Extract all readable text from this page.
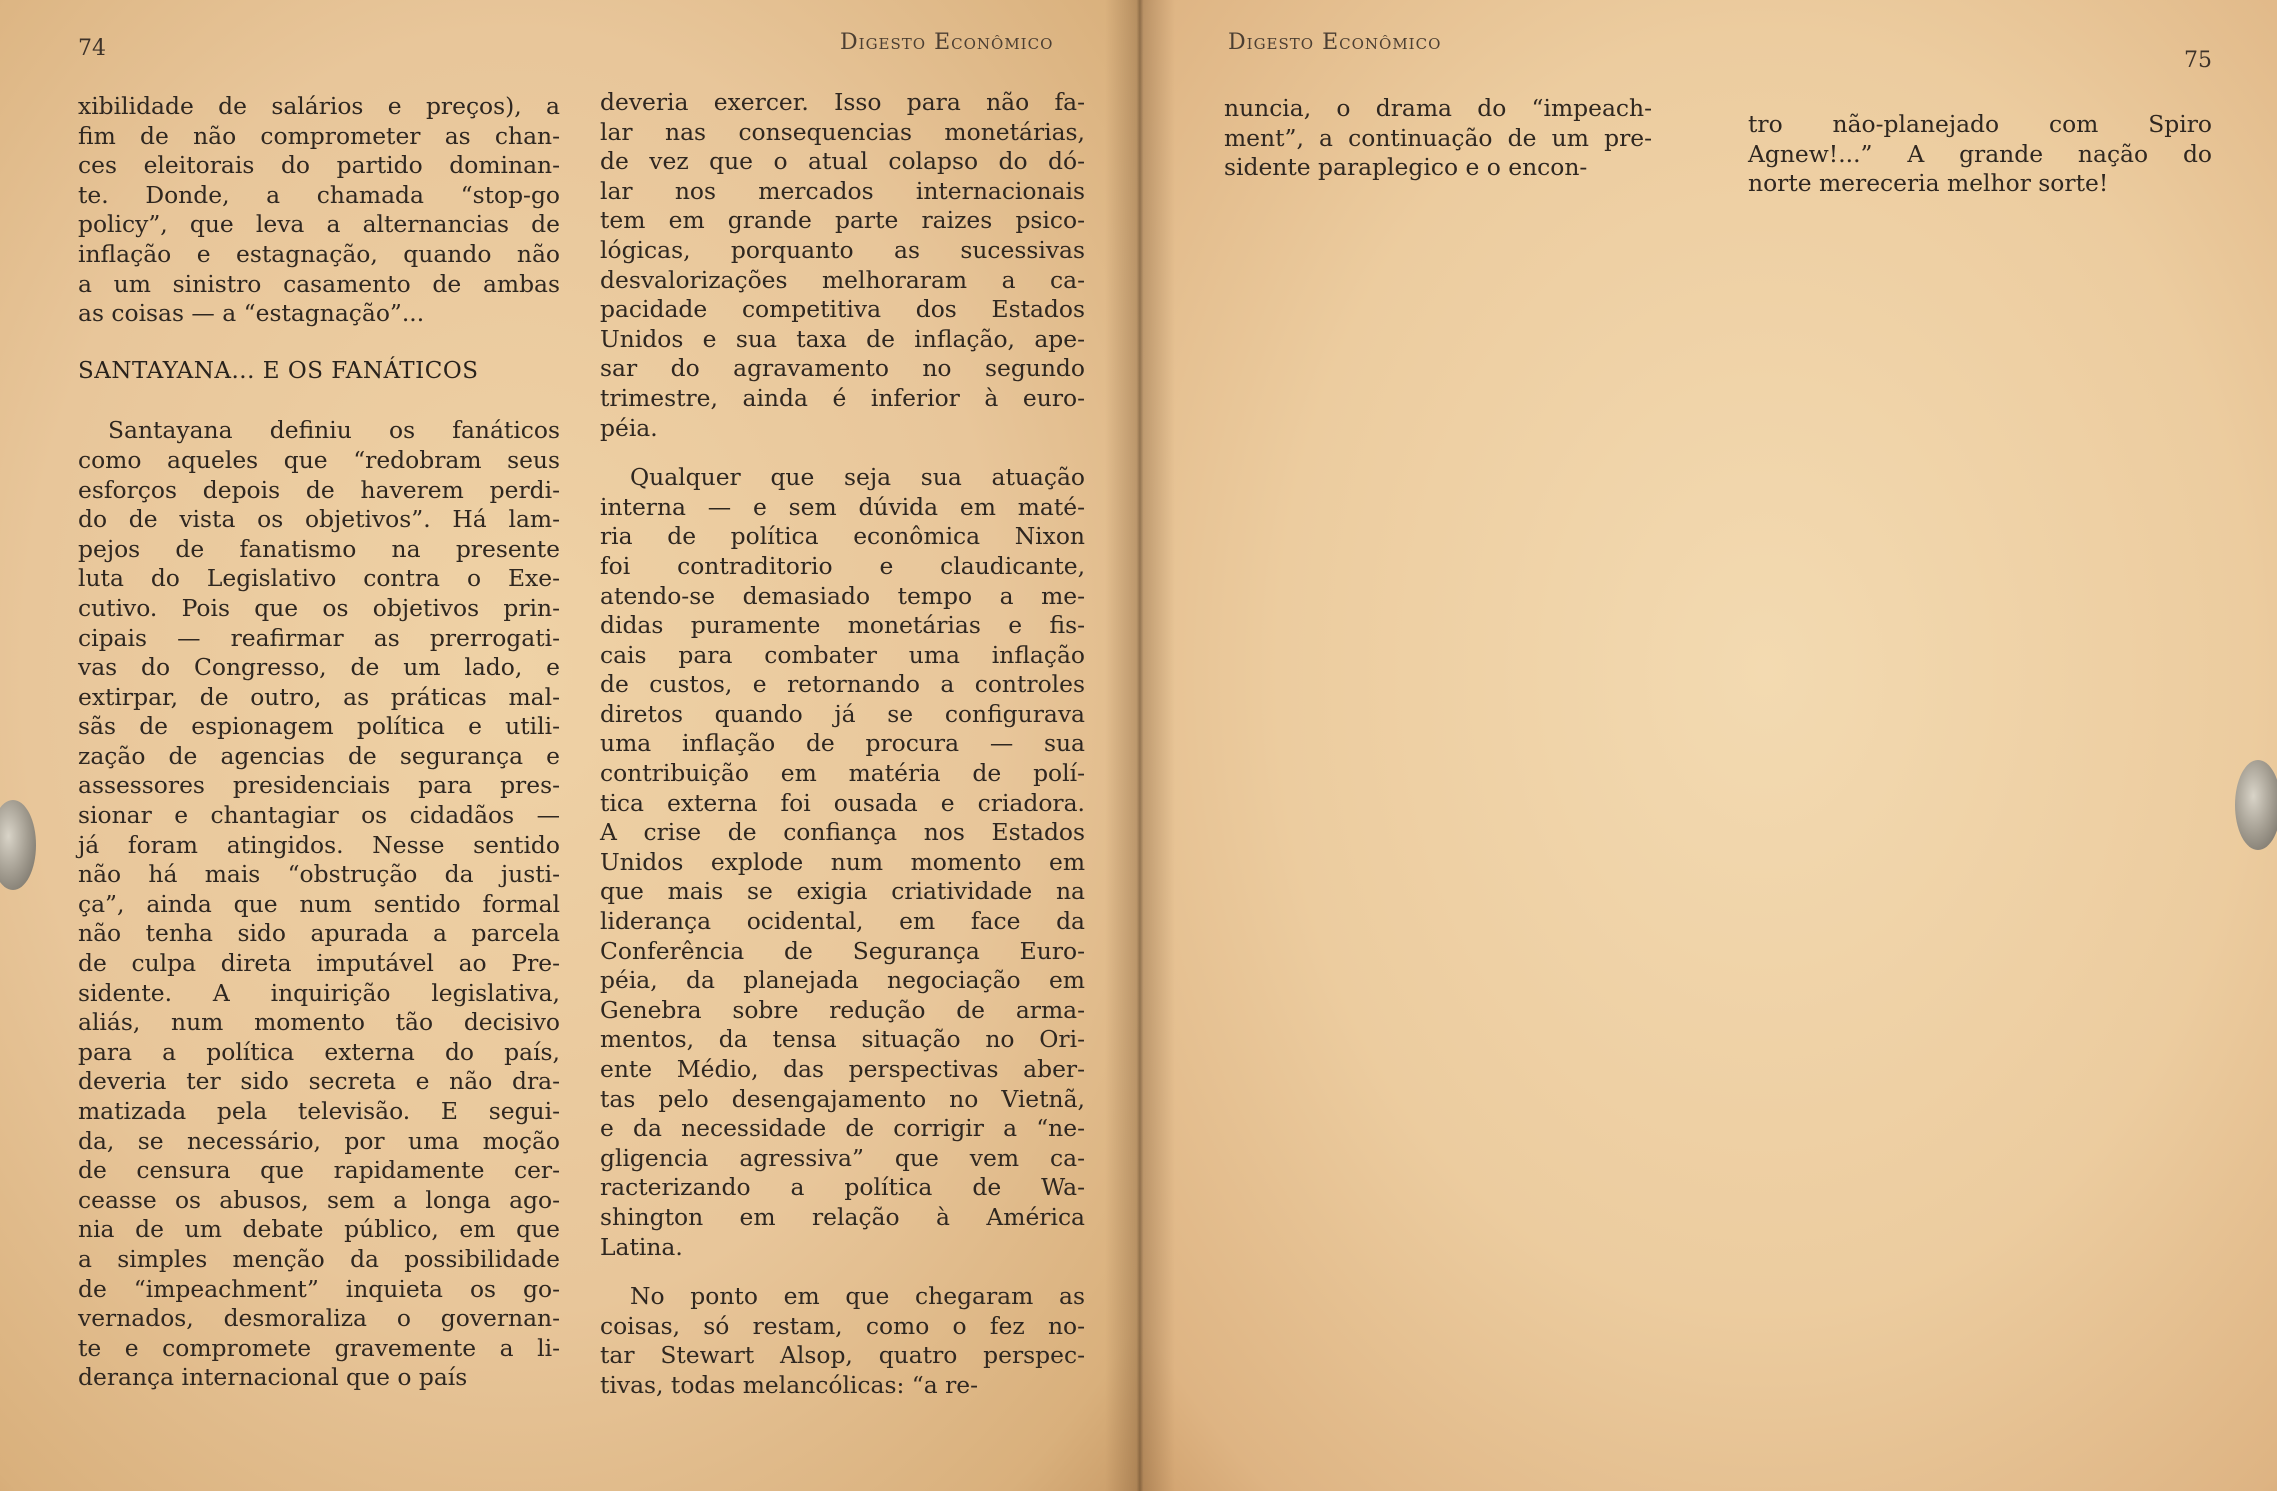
74	Digesto Econômico

xibilidade de salários e preços), a
fim de não comprometer as chan-
ces eleitorais do partido dominan-
te. Donde, a chamada “stop-go
policy”, que leva a alternancias de
inflação e estagnação, quando não
a um sinistro casamento de ambas
as coisas — a “estagnação”...

SANTAYANA... E OS FANÁTICOS

Santayana definiu os fanáticos
como aqueles que “redobram seus
esforços depois de haverem perdi-
do de vista os objetivos”. Há lam-
pejos de fanatismo na presente
luta do Legislativo contra o Exe-
cutivo. Pois que os objetivos prin-
cipais — reafirmar as prerrogati-
vas do Congresso, de um lado, e
extirpar, de outro, as práticas mal-
sãs de espionagem política e utili-
zação de agencias de segurança e
assessores presidenciais para pres-
sionar e chantagiar os cidadãos —
já foram atingidos. Nesse sentido
não há mais “obstrução da justi-
ça”, ainda que num sentido formal
não tenha sido apurada a parcela
de culpa direta imputável ao Pre-
sidente. A inquirição legislativa,
aliás, num momento tão decisivo
para a política externa do país,
deveria ter sido secreta e não dra-
matizada pela televisão. E segui-
da, se necessário, por uma moção
de censura que rapidamente cer-
ceasse os abusos, sem a longa ago-
nia de um debate público, em que
a simples menção da possibilidade
de “impeachment” inquieta os go-
vernados, desmoraliza o governan-
te e compromete gravemente a li-
derança internacional que o país

deveria exercer. Isso para não fa-
lar nas consequencias monetárias,
de vez que o atual colapso do dó-
lar nos mercados internacionais
tem em grande parte raizes psico-
lógicas, porquanto as sucessivas
desvalorizações melhoraram a ca-
pacidade competitiva dos Estados
Unidos e sua taxa de inflação, ape-
sar do agravamento no segundo
trimestre, ainda é inferior à euro-
péia.

Qualquer que seja sua atuação
interna — e sem dúvida em maté-
ria de política econômica Nixon
foi contraditorio e claudicante,
atendo-se demasiado tempo a me-
didas puramente monetárias e fis-
cais para combater uma inflação
de custos, e retornando a controles
diretos quando já se configurava
uma inflação de procura — sua
contribuição em matéria de polí-
tica externa foi ousada e criadora.
A crise de confiança nos Estados
Unidos explode num momento em
que mais se exigia criatividade na
liderança ocidental, em face da
Conferência de Segurança Euro-
péia, da planejada negociação em
Genebra sobre redução de arma-
mentos, da tensa situação no Ori-
ente Médio, das perspectivas aber-
tas pelo desengajamento no Vietnã,
e da necessidade de corrigir a “ne-
gligencia agressiva” que vem ca-
racterizando a política de Wa-
shington em relação à América
Latina.

No ponto em que chegaram as
coisas, só restam, como o fez no-
tar Stewart Alsop, quatro perspec-
tivas, todas melancólicas: “a re-

Digesto Econômico
75

nuncia, o drama do “impeach-
ment”, a continuação de um pre-
sidente paraplegico e o encon-

tro não-planejado com Spiro
Agnew!...” A grande nação do
norte mereceria melhor sorte!
